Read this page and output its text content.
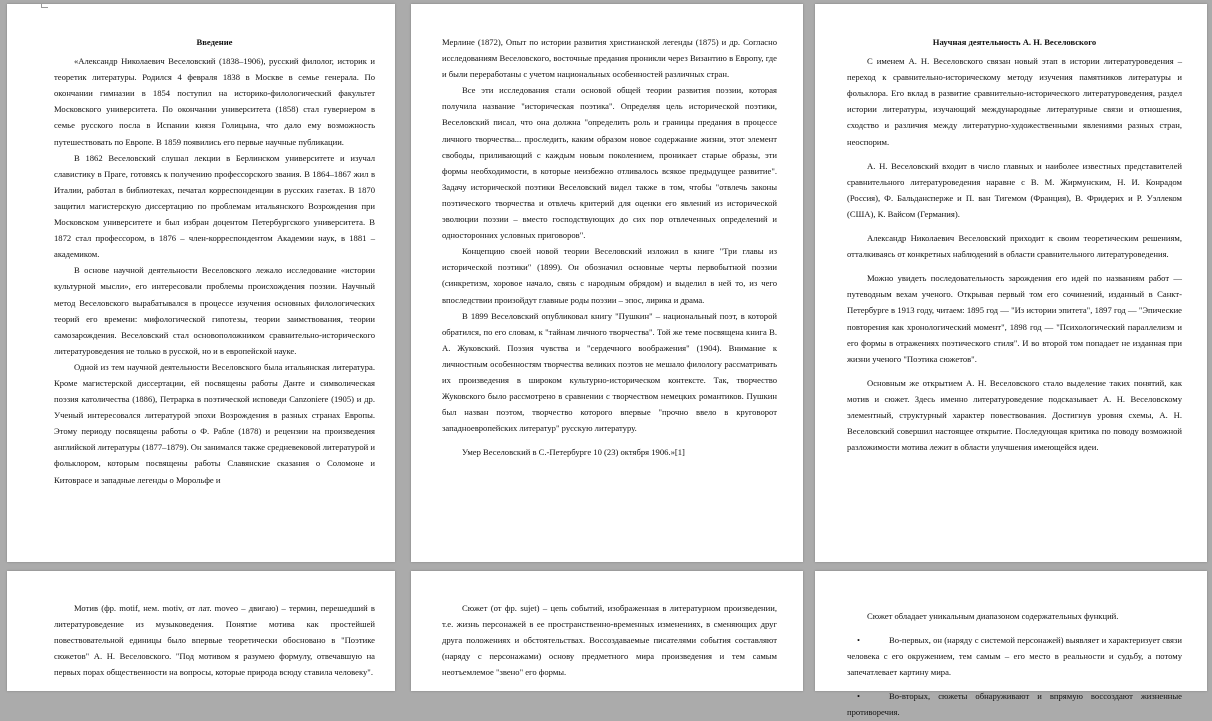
Введение

«Александр Николаевич Веселовский (1838–1906), русский филолог, историк и теоретик литературы. Родился 4 февраля 1838 в Москве в семье генерала. По окончании гимназии в 1854 поступил на историко-филологический факультет Московского университета. По окончании университета (1858) стал гувернером в семье русского посла в Испании князя Голицына, что дало ему возможность путешествовать по Европе. В 1859 появились его первые научные публикации.

В 1862 Веселовский слушал лекции в Берлинском университете и изучал славистику в Праге, готовясь к получению профессорского звания. В 1864–1867 жил в Италии, работал в библиотеках, печатал корреспонденции в русских газетах. В 1870 защитил магистерскую диссертацию по проблемам итальянского Возрождения при Московском университете и был избран доцентом Петербургского университета. В 1872 стал профессором, в 1876 – член-корреспондентом Академии наук, в 1881 – академиком.

В основе научной деятельности Веселовского лежало исследование «истории культурной мысли», его интересовали проблемы происхождения поэзии. Научный метод Веселовского вырабатывался в процессе изучения основных филологических теорий его времени: мифологической гипотезы, теории заимствования, теории самозарождения. Веселовский стал основоположником сравнительно-исторического литературоведения не только в русской, но и в европейской науке.

Одной из тем научной деятельности Веселовского была итальянская литература. Кроме магистерской диссертации, ей посвящены работы Данте и символическая поэзия католичества (1886), Петрарка в поэтической исповеди Canzoniere (1905) и др. Ученый интересовался литературой эпохи Возрождения в разных странах Европы. Этому периоду посвящены работы о Ф. Рабле (1878) и рецензии на произведения английской литературы (1877–1879). Он занимался также средневековой литературой и фольклором, которым посвящены работы Славянские сказания о Соломоне и Китоврасе и западные легенды о Морольфе и

Мерлине (1872), Опыт по истории развития христианской легенды (1875) и др. Согласно исследованиям Веселовского, восточные предания проникли через Византию в Европу, где и были переработаны с учетом национальных особенностей различных стран.

Все эти исследования стали основой общей теории развития поэзии, которая получила название "историческая поэтика". Определяя цель исторической поэтики, Веселовский писал, что она должна "определить роль и границы предания в процессе личного творчества... проследить, каким образом новое содержание жизни, этот элемент свободы, приливающий с каждым новым поколением, проникает старые образы, эти формы необходимости, в которые неизбежно отливалось всякое предыдущее развитие". Задачу исторической поэтики Веселовский видел также в том, чтобы "отвлечь законы поэтического творчества и отвлечь критерий для оценки его явлений из исторической эволюции поэзии – вместо господствующих до сих пор отвлеченных определений и односторонних условных приговоров".

Концепцию своей новой теории Веселовский изложил в книге "Три главы из исторической поэтики" (1899). Он обозначил основные черты первобытной поэзии (синкретизм, хоровое начало, связь с народным обрядом) и выделил в ней то, из чего впоследствии произойдут главные роды поэзии – эпос, лирика и драма.

В 1899 Веселовский опубликовал книгу "Пушкин" – национальный поэт, в которой обратился, по его словам, к "тайнам личного творчества". Той же теме посвящена книга В. А. Жуковский. Поэзия чувства и "сердечного воображения" (1904). Внимание к личностным особенностям творчества великих поэтов не мешало филологу рассматривать их произведения в широком культурно-историческом контексте. Так, творчество Жуковского было рассмотрено в сравнении с творчеством немецких романтиков. Пушкин был назван поэтом, творчество которого впервые "прочно ввело в круговорот западноевропейских литератур" русскую литературу.

Умер Веселовский в С.-Петербурге 10 (23) октября 1906.»[1]

Научная деятельность А. Н. Веселовского

С именем А. Н. Веселовского связан новый этап в истории литературоведения – переход к сравнительно-историческому методу изучения памятников литературы и фольклора. Его вклад в развитие сравнительно-исторического литературоведения, раздел истории литературы, изучающий международные литературные связи и отношения, сходство и различия между литературно-художественными явлениями разных стран, неоспорим.

А. Н. Веселовский входит в число главных и наиболее известных представителей сравнительного литературоведения наравне с В. М. Жирмунским, Н. И. Конрадом (Россия), Ф. Бальдансперже и П. ван Тигемом (Франция), В. Фридерих и Р. Уэллеком (США), К. Вайсом (Германия).

Александр Николаевич Веселовский приходит к своим теоретическим решениям, отталкиваясь от конкретных наблюдений в области сравнительного литературоведения.

Можно увидеть последовательность зарождения его идей по названиям работ — путеводным вехам ученого. Открывая первый том его сочинений, изданный в Санкт-Петербурге в 1913 году, читаем: 1895 год — "Из истории эпитета", 1897 год — "Эпические повторения как хронологический момент", 1898 год — "Психологический параллелизм и его формы в отражениях поэтического стиля". И во второй том попадает не изданная при жизни ученого "Поэтика сюжетов".

Основным же открытием А. Н. Веселовского стало выделение таких понятий, как мотив и сюжет. Здесь именно литературоведение подсказывает А. Н. Веселовскому элементный, структурный характер повествования. Достигнув уровня схемы, А. Н. Веселовский совершил настоящее открытие. Последующая критика по поводу возможной разложимости мотива лежит в области улучшения имеющейся идеи.

Мотив (фр. motif, нем. motiv, от лат. moveo – двигаю) – термин, перешедший в литературоведение из музыковедения. Понятие мотива как простейшей повествовательной единицы было впервые теоретически обосновано в "Поэтике сюжетов" А. Н. Веселовского. "Под мотивом я разумею формулу, отвечавшую на первых порах общественности на вопросы, которые природа всюду ставила человеку".

Сюжет (от фр. sujet) – цепь событий, изображенная в литературном произведении, т.е. жизнь персонажей в ее пространственно-временных изменениях, в сменяющих друг друга положениях и обстоятельствах. Воссоздаваемые писателями события составляют (наряду с персонажами) основу предметного мира произведения и тем самым неотъемлемое "звено" его формы.

Сюжет обладает уникальным диапазоном содержательных функций.

•	Во-первых, он (наряду с системой персонажей) выявляет и характеризует связи человека с его окружением, тем самым – его место в реальности и судьбу, а потому запечатлевает картину мира.

•	Во-вторых, сюжеты обнаруживают и впрямую воссоздают жизненные противоречия.
